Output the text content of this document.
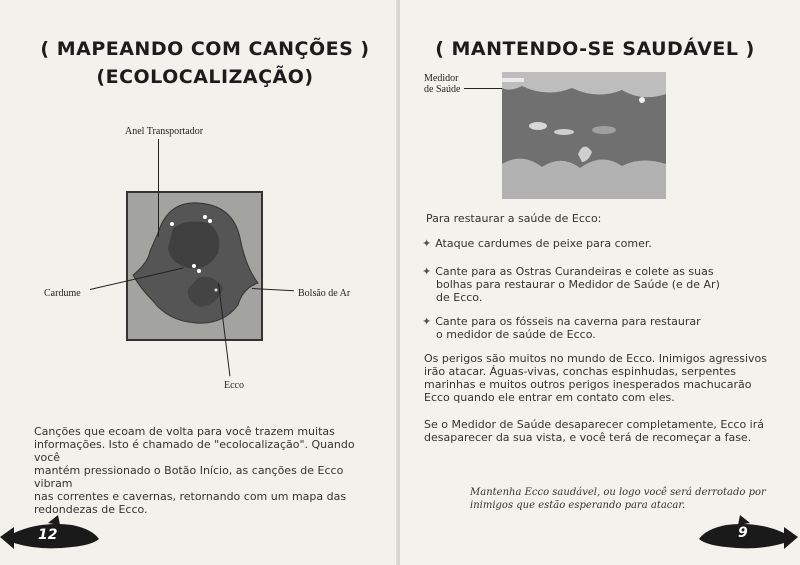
( MAPEANDO COM CANÇÕES )
(ECOLOCALIZAÇÃO)
Anel Transportador
Cardume	Bolsão de Ar
Ecco
Canções que ecoam de volta para você trazem muitas
informações. Isto é chamado de "ecolocalização". Quando você
mantém pressionado o Botão Início, as canções de Ecco vibram
nas correntes e cavernas, retornando com um mapa das
redondezas de Ecco.
12
( MANTENDO-SE SAUDÁVEL )
Medidor
de Saúde
Para restaurar a saúde de Ecco:
✦ Ataque cardumes de peixe para comer.
✦ Cante para as Ostras Curandeiras e colete as suas
bolhas para restaurar o Medidor de Saúde (e de Ar)
de Ecco.
✦ Cante para os fósseis na caverna para restaurar
o medidor de saúde de Ecco.
Os perigos são muitos no mundo de Ecco. Inimigos agressivos
irão atacar. Águas-vivas, conchas espinhudas, serpentes
marinhas e muitos outros perigos inesperados machucarão
Ecco quando ele entrar em contato com eles.
Se o Medidor de Saúde desaparecer completamente, Ecco irá
desaparecer da sua vista, e você terá de recomeçar a fase.
Mantenha Ecco saudável, ou logo você será derrotado por
inimigos que estão esperando para atacar.
9
